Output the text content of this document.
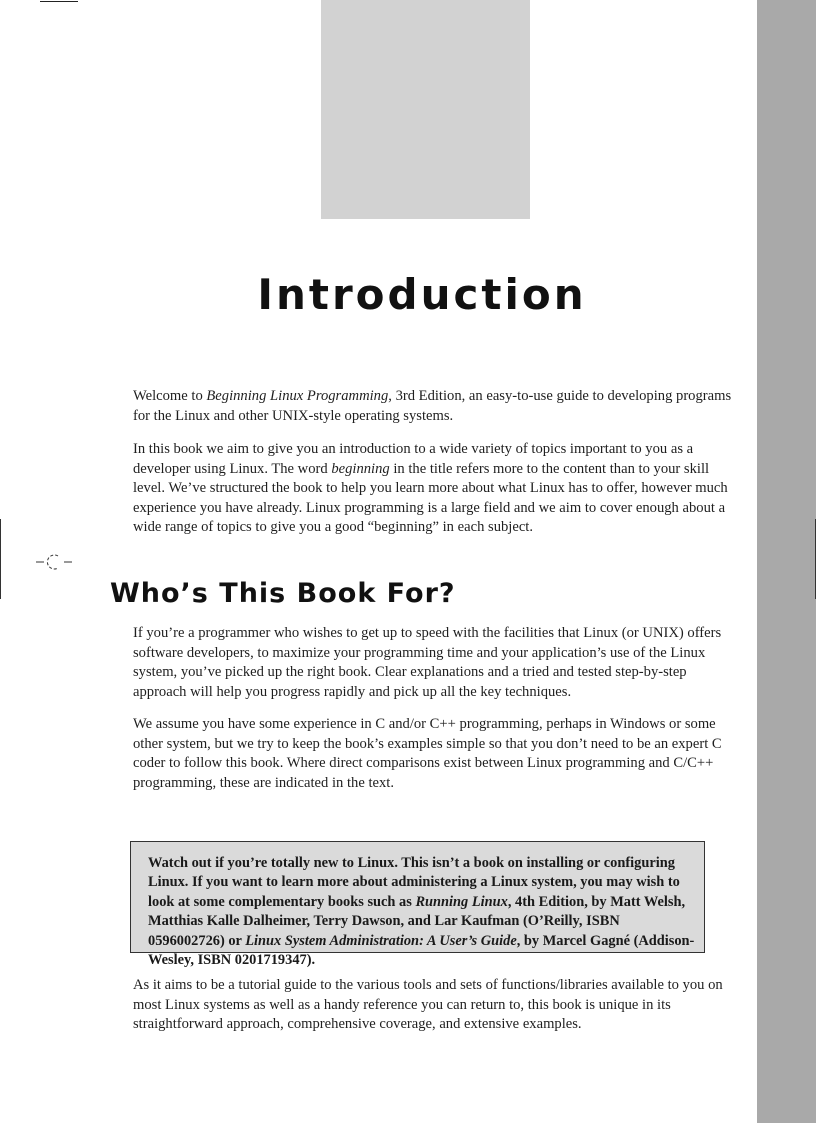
Introduction

Welcome to Beginning Linux Programming, 3rd Edition, an easy-to-use guide to developing programs for the Linux and other UNIX-style operating systems.

In this book we aim to give you an introduction to a wide variety of topics important to you as a developer using Linux. The word beginning in the title refers more to the content than to your skill level. We’ve structured the book to help you learn more about what Linux has to offer, however much experience you have already. Linux programming is a large field and we aim to cover enough about a wide range of topics to give you a good “beginning” in each subject.

Who’s This Book For?

If you’re a programmer who wishes to get up to speed with the facilities that Linux (or UNIX) offers software developers, to maximize your programming time and your application’s use of the Linux system, you’ve picked up the right book. Clear explanations and a tried and tested step-by-step approach will help you progress rapidly and pick up all the key techniques.

We assume you have some experience in C and/or C++ programming, perhaps in Windows or some other system, but we try to keep the book’s examples simple so that you don’t need to be an expert C coder to follow this book. Where direct comparisons exist between Linux programming and C/C++ programming, these are indicated in the text.

Watch out if you’re totally new to Linux. This isn’t a book on installing or configuring Linux. If you want to learn more about administering a Linux system, you may wish to look at some complementary books such as Running Linux, 4th Edition, by Matt Welsh, Matthias Kalle Dalheimer, Terry Dawson, and Lar Kaufman (O’Reilly, ISBN 0596002726) or Linux System Administration: A User’s Guide, by Marcel Gagné (Addison-Wesley, ISBN 0201719347).

As it aims to be a tutorial guide to the various tools and sets of functions/libraries available to you on most Linux systems as well as a handy reference you can return to, this book is unique in its straightforward approach, comprehensive coverage, and extensive examples.
